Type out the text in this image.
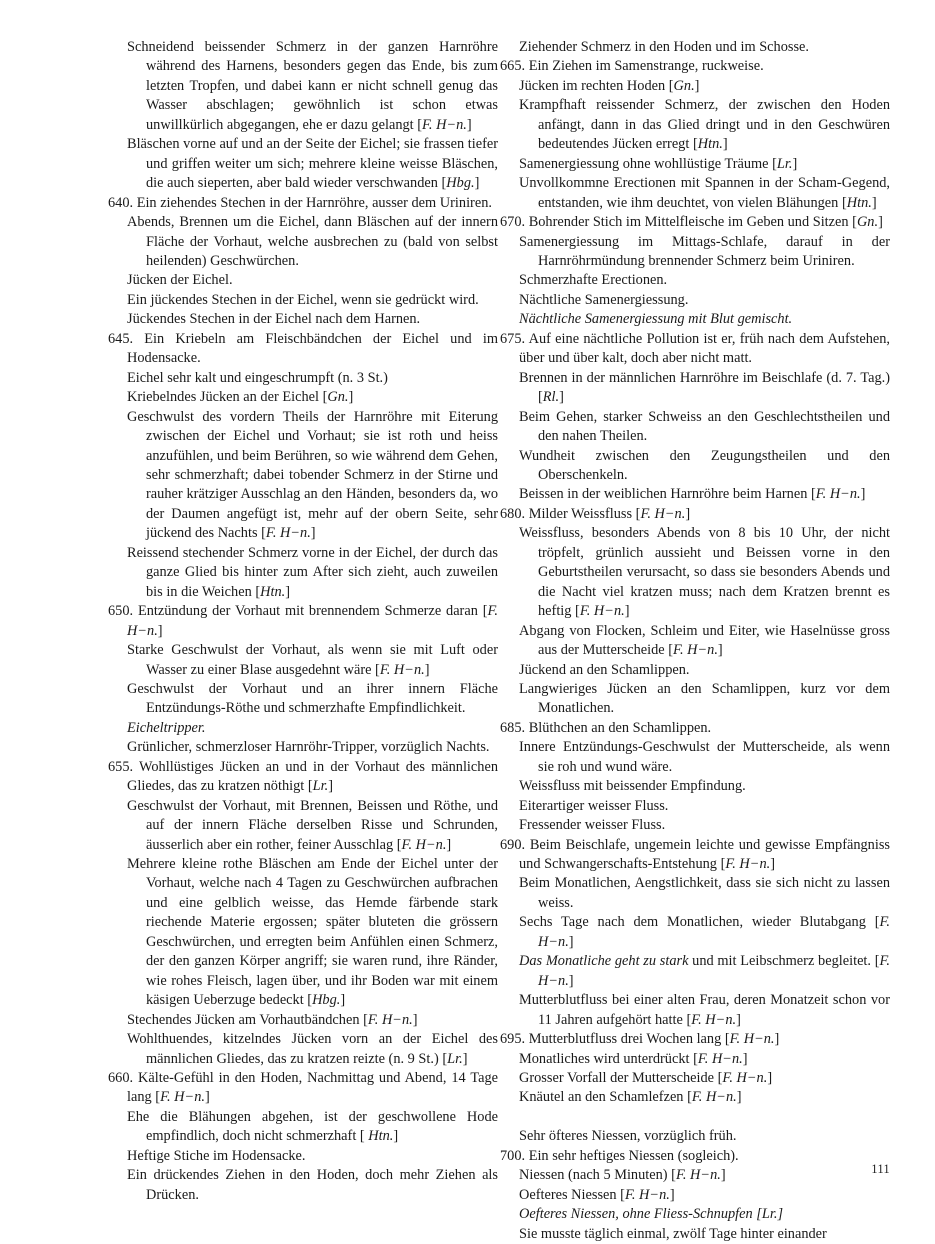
Schneidend beissender Schmerz in der ganzen Harnröhre während des Harnens, besonders gegen das Ende, bis zum letzten Tropfen, und dabei kann er nicht schnell genug das Wasser abschlagen; gewöhnlich ist schon etwas unwillkürlich abgegangen, ehe er dazu gelangt [F. H−n.]

Bläschen vorne auf und an der Seite der Eichel; sie frassen tiefer und griffen weiter um sich; mehrere kleine weisse Bläschen, die auch sieperten, aber bald wieder verschwanden [Hbg.]

640. Ein ziehendes Stechen in der Harnröhre, ausser dem Uriniren.

Abends, Brennen um die Eichel, dann Bläschen auf der innern Fläche der Vorhaut, welche ausbrechen zu (bald von selbst heilenden) Geschwürchen.

Jücken der Eichel.

Ein jückendes Stechen in der Eichel, wenn sie gedrückt wird.

Jückendes Stechen in der Eichel nach dem Harnen.

645. Ein Kriebeln am Fleischbändchen der Eichel und im Hodensacke.

Eichel sehr kalt und eingeschrumpft (n. 3 St.)

Kriebelndes Jücken an der Eichel [Gn.]

Geschwulst des vordern Theils der Harnröhre mit Eiterung zwischen der Eichel und Vorhaut; sie ist roth und heiss anzufühlen, und beim Berühren, so wie während dem Gehen, sehr schmerzhaft; dabei tobender Schmerz in der Stirne und rauher krätziger Ausschlag an den Händen, besonders da, wo der Daumen angefügt ist, mehr auf der obern Seite, sehr jückend des Nachts [F. H−n.]

Reissend stechender Schmerz vorne in der Eichel, der durch das ganze Glied bis hinter zum After sich zieht, auch zuweilen bis in die Weichen [Htn.]

650. Entzündung der Vorhaut mit brennendem Schmerze daran [F. H−n.]

Starke Geschwulst der Vorhaut, als wenn sie mit Luft oder Wasser zu einer Blase ausgedehnt wäre [F. H−n.]

Geschwulst der Vorhaut und an ihrer innern Fläche Entzündungs-Röthe und schmerzhafte Empfindlichkeit.

Eicheltripper.

Grünlicher, schmerzloser Harnröhr-Tripper, vorzüglich Nachts.

655. Wohllüstiges Jücken an und in der Vorhaut des männlichen Gliedes, das zu kratzen nöthigt [Lr.]

Geschwulst der Vorhaut, mit Brennen, Beissen und Röthe, und auf der innern Fläche derselben Risse und Schrunden, äusserlich aber ein rother, feiner Ausschlag [F. H−n.]

Mehrere kleine rothe Bläschen am Ende der Eichel unter der Vorhaut, welche nach 4 Tagen zu Geschwürchen aufbrachen und eine gelblich weisse, das Hemde färbende stark riechende Materie ergossen; später bluteten die grössern Geschwürchen, und erregten beim Anfühlen einen Schmerz, der den ganzen Körper angriff; sie waren rund, ihre Ränder, wie rohes Fleisch, lagen über, und ihr Boden war mit einem käsigen Ueberzuge bedeckt [Hbg.]

Stechendes Jücken am Vorhautbändchen [F. H−n.]

Wohlthuendes, kitzelndes Jücken vorn an der Eichel des männlichen Gliedes, das zu kratzen reizte (n. 9 St.) [Lr.]

660. Kälte-Gefühl in den Hoden, Nachmittag und Abend, 14 Tage lang [F. H−n.]

Ehe die Blähungen abgehen, ist der geschwollene Hode empfindlich, doch nicht schmerzhaft [ Htn.]

Heftige Stiche im Hodensacke.

Ein drückendes Ziehen in den Hoden, doch mehr Ziehen als Drücken.

Ziehender Schmerz in den Hoden und im Schosse.

665. Ein Ziehen im Samenstrange, ruckweise.

Jücken im rechten Hoden [Gn.]

Krampfhaft reissender Schmerz, der zwischen den Hoden anfängt, dann in das Glied dringt und in den Geschwüren bedeutendes Jücken erregt [Htn.]

Samenergiessung ohne wohllüstige Träume [Lr.]

Unvollkommne Erectionen mit Spannen in der Scham-Gegend, entstanden, wie ihm deuchtet, von vielen Blähungen [Htn.]

670. Bohrender Stich im Mittelfleische im Geben und Sitzen [Gn.]

Samenergiessung im Mittags-Schlafe, darauf in der Harnröhrmündung brennender Schmerz beim Uriniren.

Schmerzhafte Erectionen.

Nächtliche Samenergiessung.

Nächtliche Samenergiessung mit Blut gemischt.

675. Auf eine nächtliche Pollution ist er, früh nach dem Aufstehen, über und über kalt, doch aber nicht matt.

Brennen in der männlichen Harnröhre im Beischlafe (d. 7. Tag.) [Rl.]

Beim Gehen, starker Schweiss an den Geschlechtstheilen und den nahen Theilen.

Wundheit zwischen den Zeugungstheilen und den Oberschenkeln.

Beissen in der weiblichen Harnröhre beim Harnen [F. H−n.]

680. Milder Weissfluss [F. H−n.]

Weissfluss, besonders Abends von 8 bis 10 Uhr, der nicht tröpfelt, grünlich aussieht und Beissen vorne in den Geburtstheilen verursacht, so dass sie besonders Abends und die Nacht viel kratzen muss; nach dem Kratzen brennt es heftig [F. H−n.]

Abgang von Flocken, Schleim und Eiter, wie Haselnüsse gross aus der Mutterscheide [F. H−n.]

Jückend an den Schamlippen.

Langwieriges Jücken an den Schamlippen, kurz vor dem Monatlichen.

685. Blüthchen an den Schamlippen.

Innere Entzündungs-Geschwulst der Mutterscheide, als wenn sie roh und wund wäre.

Weissfluss mit beissender Empfindung.

Eiterartiger weisser Fluss.

Fressender weisser Fluss.

690. Beim Beischlafe, ungemein leichte und gewisse Empfängniss und Schwangerschafts-Entstehung [F. H−n.]

Beim Monatlichen, Aengstlichkeit, dass sie sich nicht zu lassen weiss.

Sechs Tage nach dem Monatlichen, wieder Blutabgang [F. H−n.]

Das Monatliche geht zu stark und mit Leibschmerz begleitet. [F. H−n.]

Mutterblutfluss bei einer alten Frau, deren Monatzeit schon vor 11 Jahren aufgehört hatte [F. H−n.]

695. Mutterblutfluss drei Wochen lang [F. H−n.]

Monatliches wird unterdrückt [F. H−n.]

Grosser Vorfall der Mutterscheide [F. H−n.]

Knäutel an den Schamlefzen [F. H−n.]

Sehr öfteres Niessen, vorzüglich früh.

700. Ein sehr heftiges Niessen (sogleich).

Niessen (nach 5 Minuten) [F. H−n.]

Oefteres Niessen [F. H−n.]

Oefteres Niessen, ohne Fliess-Schnupfen [Lr.]

Sie musste täglich einmal, zwölf Tage hinter einander

111
